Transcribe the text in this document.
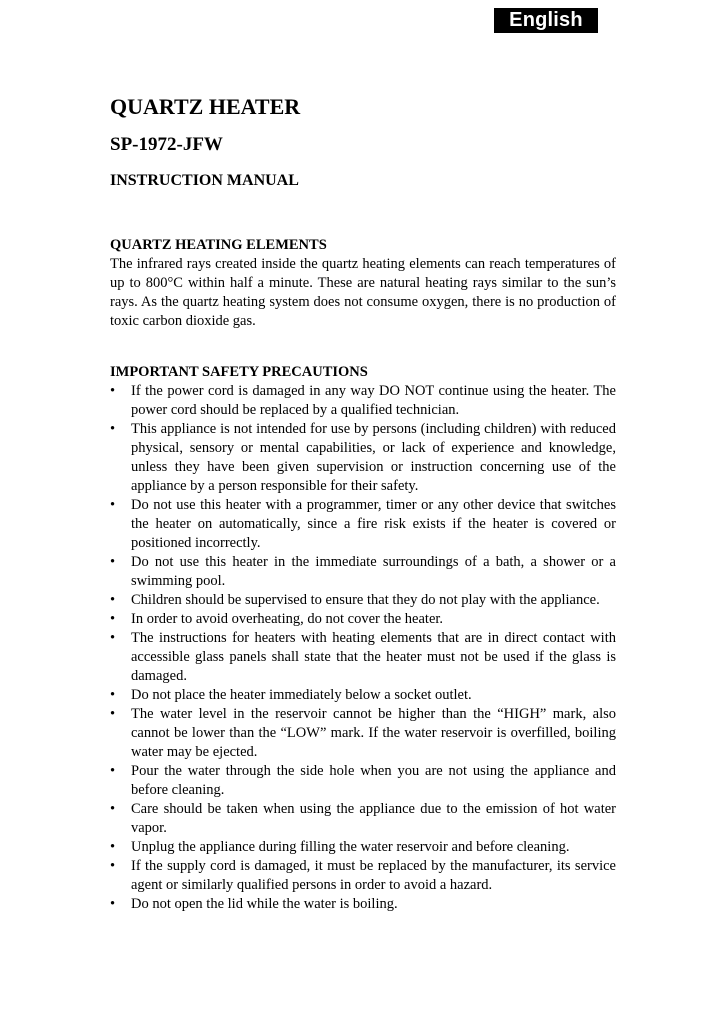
English
QUARTZ HEATER
SP-1972-JFW
INSTRUCTION MANUAL
QUARTZ HEATING ELEMENTS

The infrared rays created inside the quartz heating elements can reach temperatures of up to 800°C within half a minute. These are natural heating rays similar to the sun’s rays. As the quartz heating system does not consume oxygen, there is no production of toxic carbon dioxide gas.

IMPORTANT SAFETY PRECAUTIONS
•	If the power cord is damaged in any way DO NOT continue using the heater. The power cord should be replaced by a qualified technician.
•	This appliance is not intended for use by persons (including children) with reduced physical, sensory or mental capabilities, or lack of experience and knowledge, unless they have been given supervision or instruction concerning use of the appliance by a person responsible for their safety.
•	Do not use this heater with a programmer, timer or any other device that switches the heater on automatically, since a fire risk exists if the heater is covered or positioned incorrectly.
•	Do not use this heater in the immediate surroundings of a bath, a shower or a swimming pool.
•	Children should be supervised to ensure that they do not play with the appliance.
•	In order to avoid overheating, do not cover the heater.
•	The instructions for heaters with heating elements that are in direct contact with accessible glass panels shall state that the heater must not be used if the glass is damaged.
•	Do not place the heater immediately below a socket outlet.
•	The water level in the reservoir cannot be higher than the “HIGH” mark, also cannot be lower than the “LOW” mark. If the water reservoir is overfilled, boiling water may be ejected.
•	Pour the water through the side hole when you are not using the appliance and before cleaning.
•	Care should be taken when using the appliance due to the emission of hot water vapor.
•	Unplug the appliance during filling the water reservoir and before cleaning.
•	If the supply cord is damaged, it must be replaced by the manufacturer, its service agent or similarly qualified persons in order to avoid a hazard.
•	Do not open the lid while the water is boiling.
